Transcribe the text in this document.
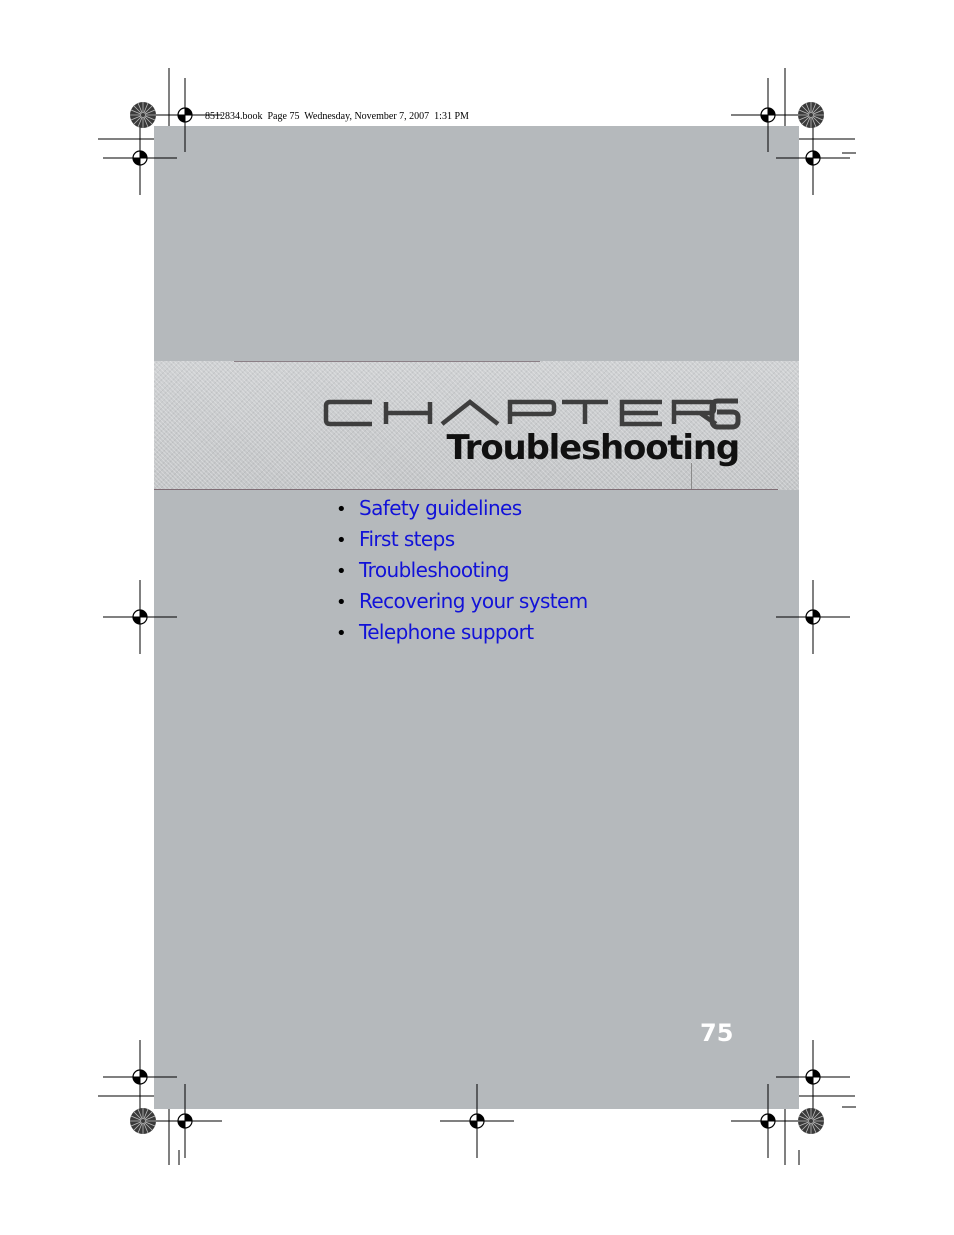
8512834.book  Page 75  Wednesday, November 7, 2007  1:31 PM
Troubleshooting
• Safety guidelines
• First steps
• Troubleshooting
• Recovering your system
• Telephone support
75
